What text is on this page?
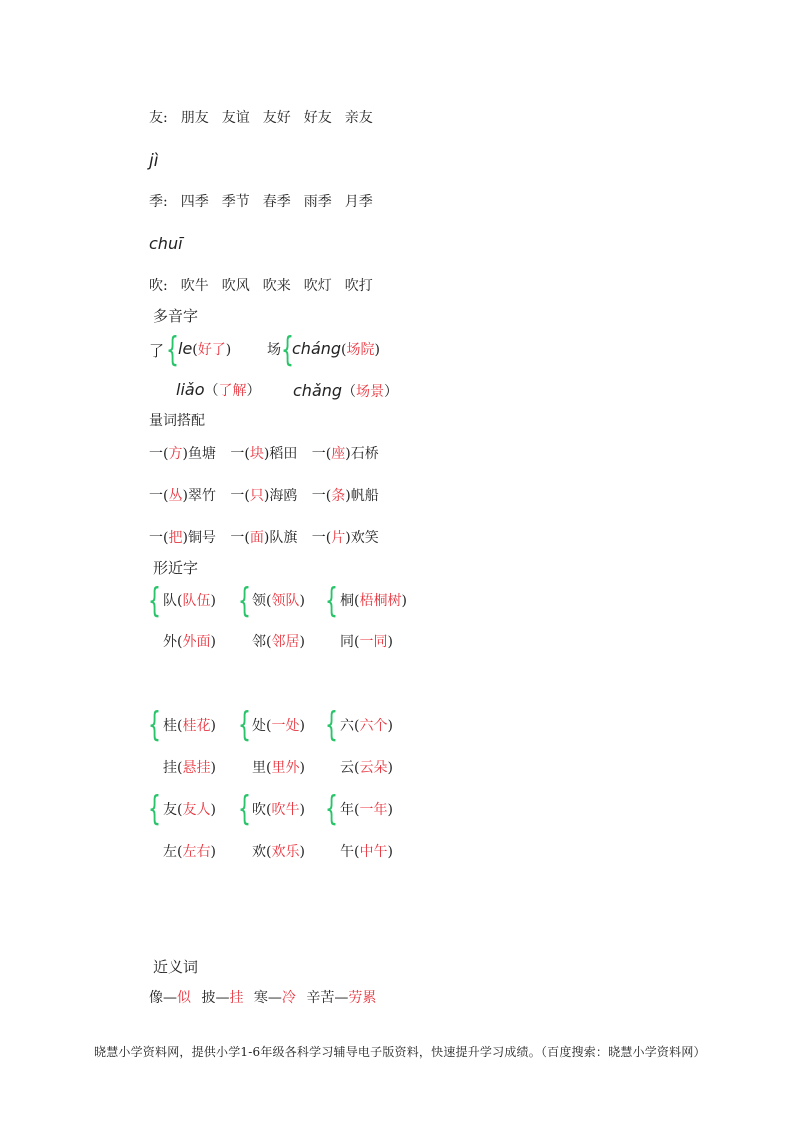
友: 朋友 友谊 友好 好友 亲友
jì
季: 四季 季节 春季 雨季 月季
chuī
吹: 吹牛 吹风 吹来 吹灯 吹打
多音字
了 { le(好了)	场 {
cháng(场院)
liǎo（了解） chǎng（场景）
量词搭配
一(方)鱼塘 一(块)稻田 一(座)石桥
一(丛)翠竹 一(只)海鸥 一(条)帆船
一(把)铜号 一(面)队旗 一(片)欢笑
形近字
{ 队(队伍)
外(外面)
{ 领(领队)
邻(邻居)
{ 桐(梧桐树)
同(一同)
{ 桂(桂花)
挂(悬挂)
{ 处(一处)
里(里外)
{ 六(六个)
云(云朵)
{ 友(友人)
左(左右)
{ 吹(吹牛)
欢(欢乐)
{ 年(一年)
午(中午)
近义词
像—似 披—挂 寒—冷 辛苦—劳累
晓慧小学资料网，提供小学1-6年级各科学习辅导电子版资料，快速提升学习成绩。（百度搜索：晓慧小学资料网）
